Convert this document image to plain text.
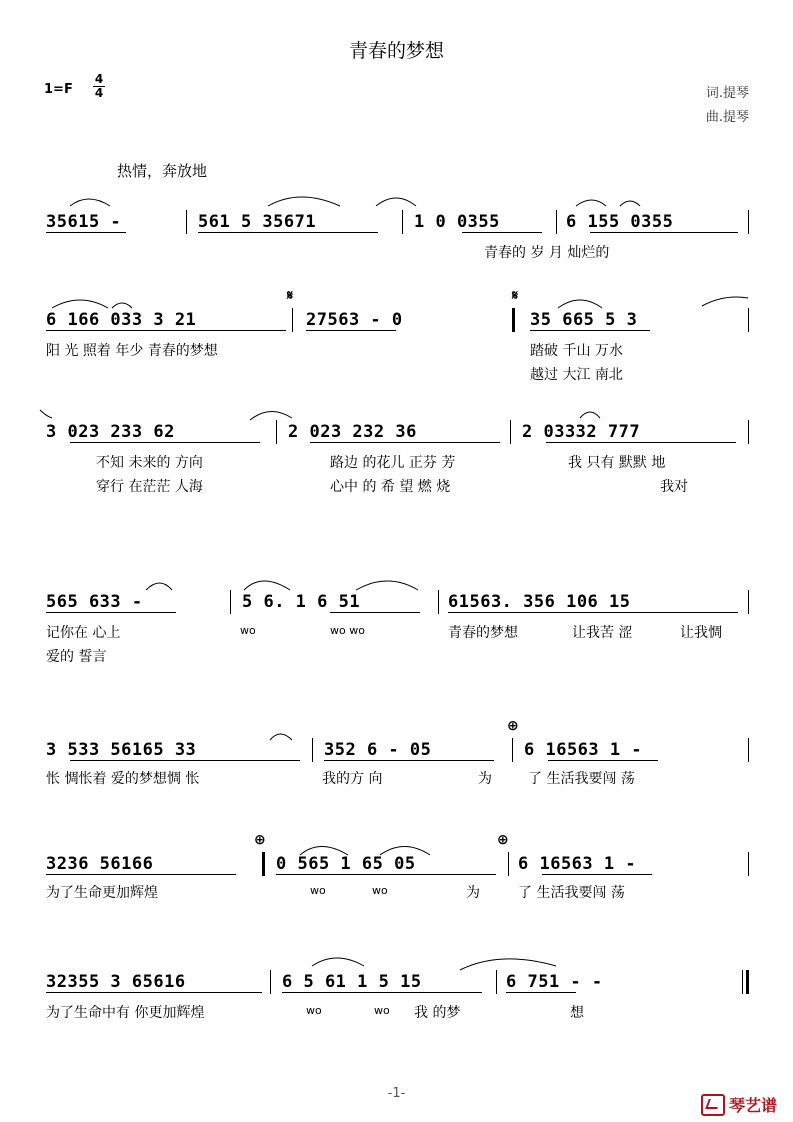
青春的梦想
$1=F \frac{4}{4}$	词.提琴
曲.提琴
热情，奔放地
35615 -	561 5 35671	1 0 0355	6 155 0355
青春的 岁 月 灿烂的
6 166 033 3 21
𝄋
27563 - 0
𝄋
35 665 5 3
阳 光 照着 年少 青春的梦想	踏破 千山 万水
越过 大江 南北
3 023 233 62	2 023 232 36	2 03332 777
不知 未来的 方向	路边 的花儿 正芬 芳	我 只有 默默 地
穿行 在茫茫 人海	心中 的 希 望 燃 烧	我对
565 633 -	5 6. 1 6 51	61563. 356 106 15
记你在 心上	wo	wo wo	青春的梦想	让我苦 涩	让我惆
爱的 誓言
3 533 56165 33	352 6 - 05
⊕
6 16563 1 -
怅 惆怅着 爱的梦想惆 怅	我的方 向	为	了 生活我要闯 荡
3236 56166
⊕
0 565 1 65 05
⊕
6 16563 1 -
为了生命更加辉煌	wo	wo	为	了 生活我要闯 荡
32355 3 65616	6 5 61 1 5 15	6 751 - -
为了生命中有 你更加辉煌	wo	wo 我 的梦	想
-1-
琴艺谱
